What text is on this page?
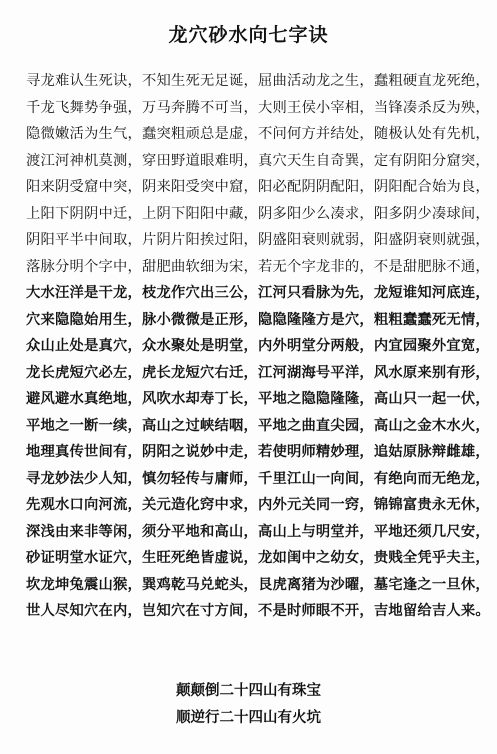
龙穴砂水向七字诀
寻龙难认生死诀，不知生死无足诞，屈曲活动龙之生，蠢粗硬直龙死绝，
千龙飞舞势争强，万马奔腾不可当，大则王侯小宰相，当锋凑杀反为殃，
隐微嫩活为生气，蠢突粗顽总是虚，不问何方并结处，随极认处有先机，
渡江河神机莫测，穿田野道眼难明，真穴天生自奇巽，定有阴阳分窟突，
阳来阴受窟中突，阴来阳受突中窟，阳必配阴阴配阳，阴阳配合始为良，
上阳下阴阴中迁，上阴下阳阳中藏，阴多阳少么凑求，阳多阴少凑球间，
阴阳平半中间取，片阴片阳挨过阳，阴盛阳衰则就弱，阳盛阴衰则就强，
落脉分明个字中，甜肥曲软细为宋，若无个字龙非的，不是甜肥脉不通，
大水汪洋是干龙，枝龙作穴出三公，江河只看脉为先，龙短谁知河底连，
穴来隐隐始用生，脉小微微是正形，隐隐隆隆方是穴，粗粗蠢蠢死无情，
众山止处是真穴，众水聚处是明堂，内外明堂分两般，内宜园聚外宜宽，
龙长虎短穴必左，虎长龙短穴右迁，江河湖海号平洋，风水原来别有形，
避风避水真绝地，风吹水却寿丁长，平地之隐隐隆隆，高山只一起一伏，
平地之一断一续，高山之过峡结咽，平地之曲直尖园，高山之金木水火，
地理真传世间有，阴阳之说妙中走，若使明师精妙理，追姑原脉辩雌雄，
寻龙妙法少人知，慎勿轻传与庸师，千里江山一向间，有绝向而无绝龙，
先观水口向河流，关元造化窍中求，内外元关同一窍，锦锦富贵永无休，
深浅由来非等闲，须分平地和高山，高山上与明堂并，平地还须几尺安，
砂证明堂水证穴，生旺死绝皆虚说，龙如闺中之幼女，贵贱全凭乎夫主，
坎龙坤兔震山猴，巽鸡乾马兑蛇头，艮虎离猪为沙曜，墓宅逢之一旦休，
世人尽知穴在内，岂知穴在寸方间，不是时师眼不开，吉地留给吉人来。
颠颠倒二十四山有珠宝
顺逆行二十四山有火坑
